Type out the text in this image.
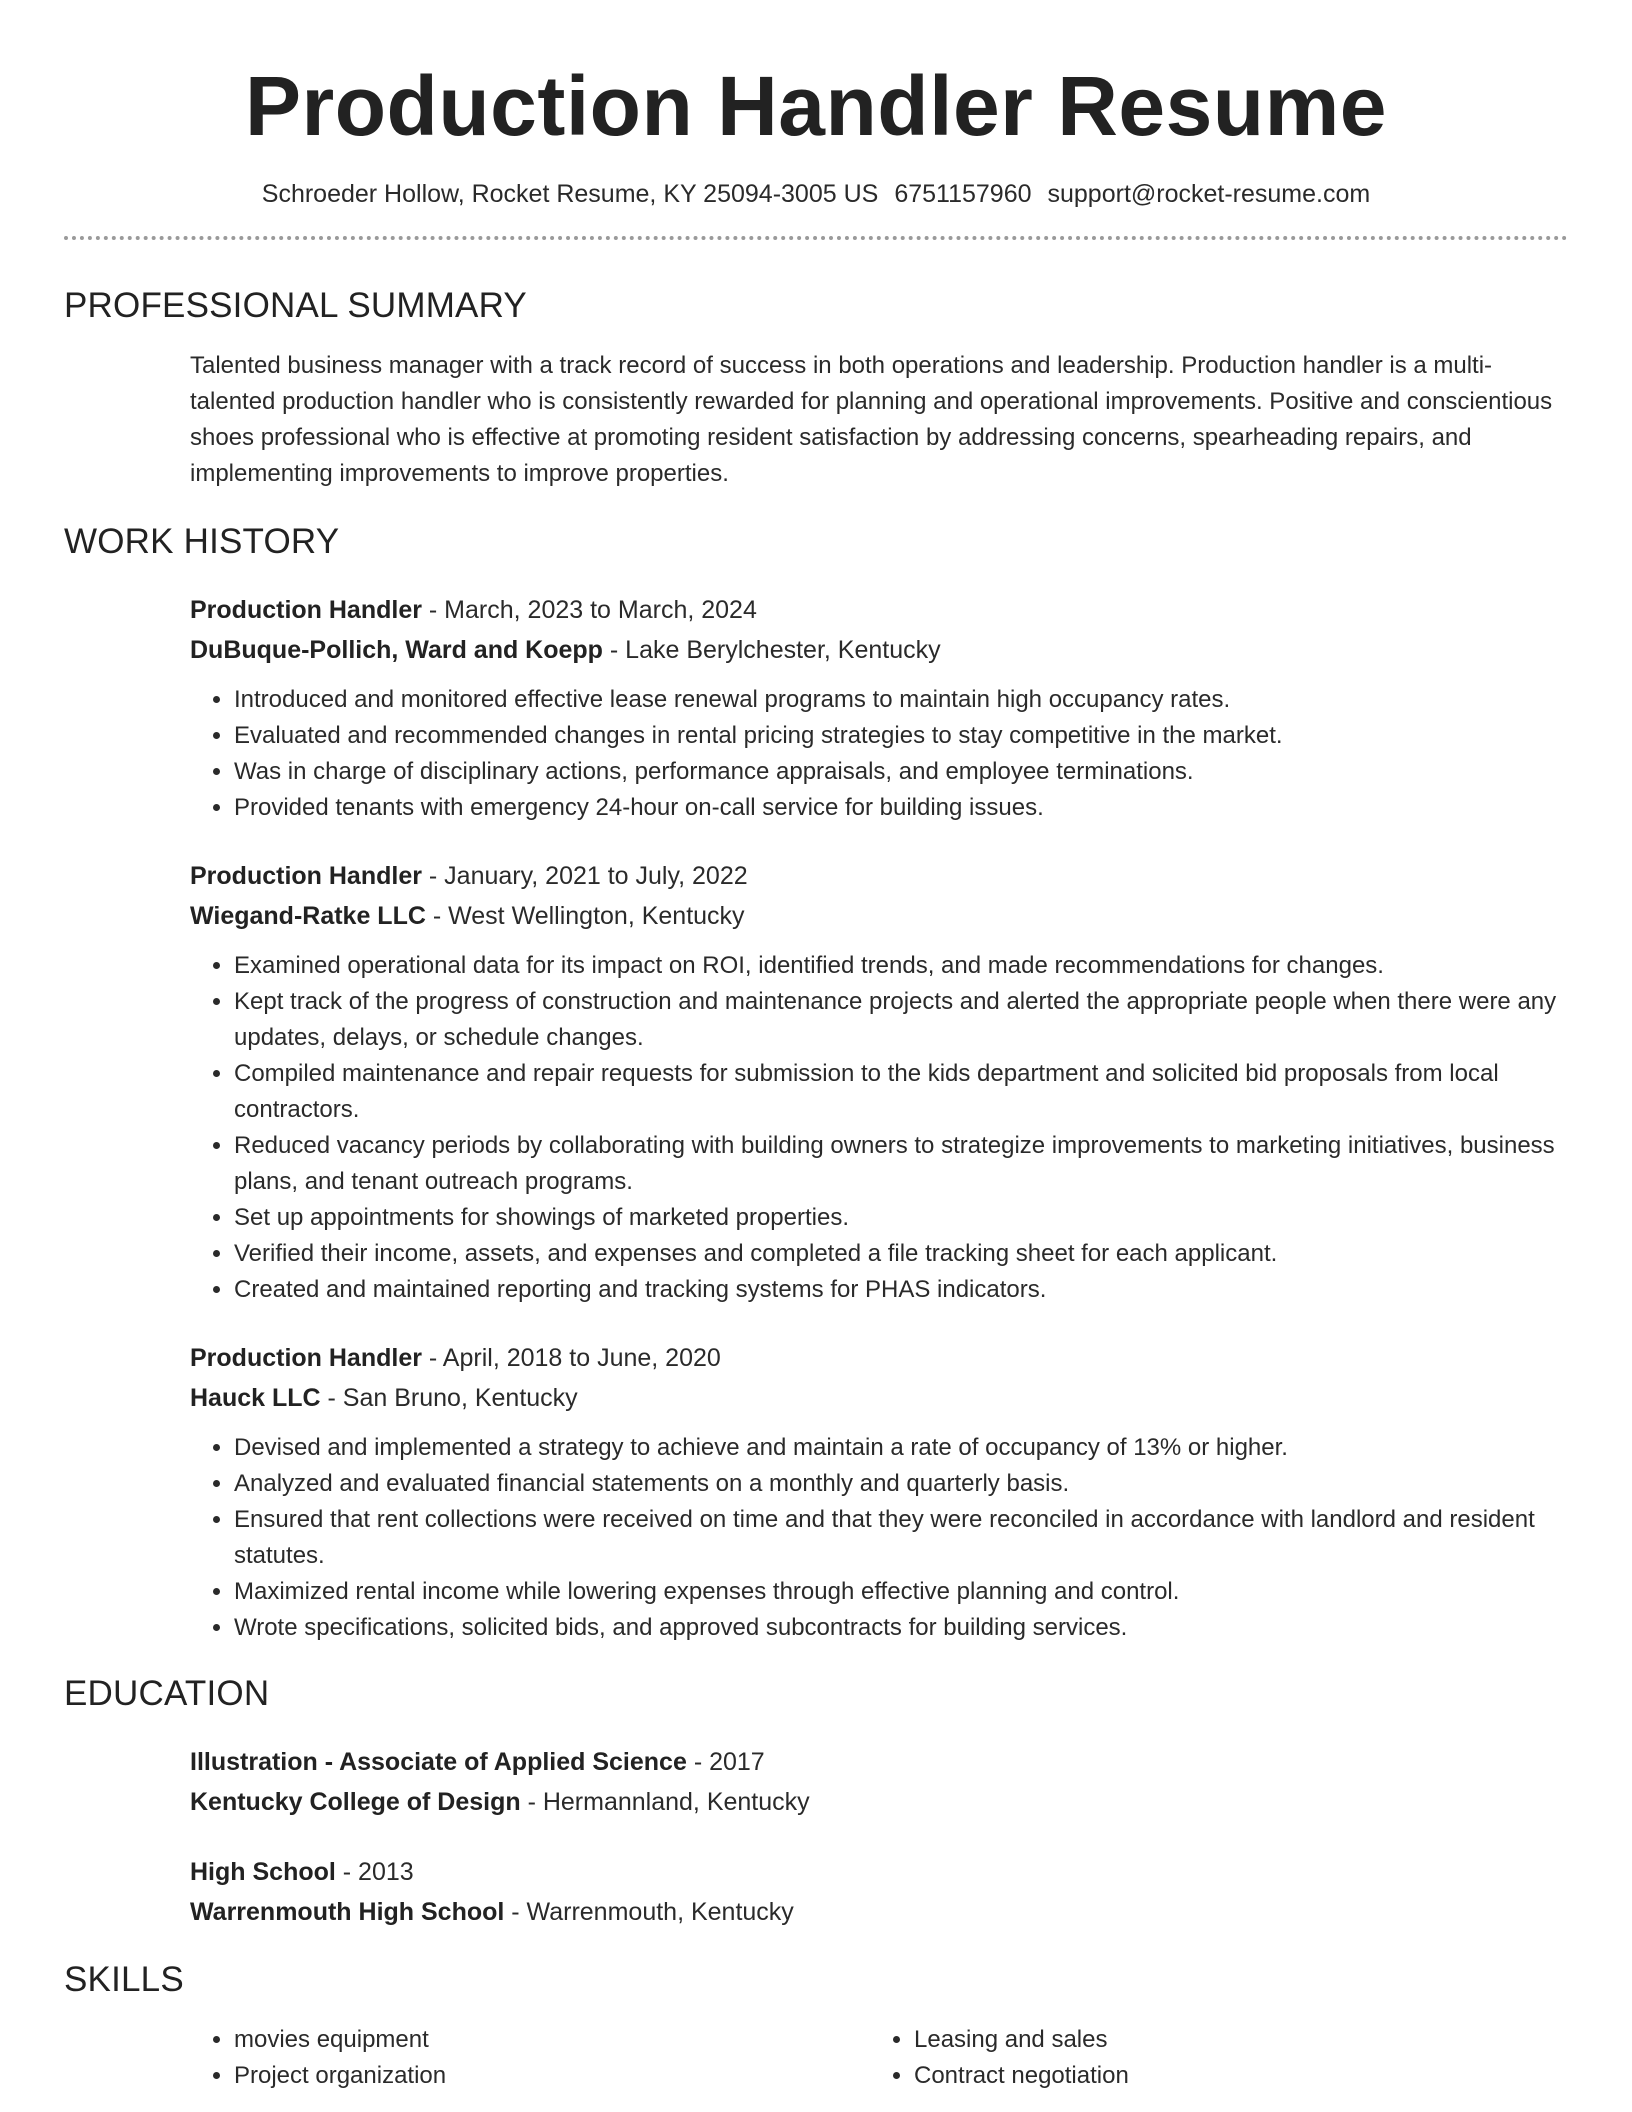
Production Handler Resume
Schroeder Hollow, Rocket Resume, KY 25094-3005 US 6751157960 support@rocket-resume.com
PROFESSIONAL SUMMARY
Talented business manager with a track record of success in both operations and leadership. Production handler is a multi-talented production handler who is consistently rewarded for planning and operational improvements. Positive and conscientious shoes professional who is effective at promoting resident satisfaction by addressing concerns, spearheading repairs, and implementing improvements to improve properties.
WORK HISTORY
Production Handler - March, 2023 to March, 2024
DuBuque-Pollich, Ward and Koepp - Lake Berylchester, Kentucky
• Introduced and monitored effective lease renewal programs to maintain high occupancy rates.
• Evaluated and recommended changes in rental pricing strategies to stay competitive in the market.
• Was in charge of disciplinary actions, performance appraisals, and employee terminations.
• Provided tenants with emergency 24-hour on-call service for building issues.
Production Handler - January, 2021 to July, 2022
Wiegand-Ratke LLC - West Wellington, Kentucky
• Examined operational data for its impact on ROI, identified trends, and made recommendations for changes.
• Kept track of the progress of construction and maintenance projects and alerted the appropriate people when there were any updates, delays, or schedule changes.
• Compiled maintenance and repair requests for submission to the kids department and solicited bid proposals from local contractors.
• Reduced vacancy periods by collaborating with building owners to strategize improvements to marketing initiatives, business plans, and tenant outreach programs.
• Set up appointments for showings of marketed properties.
• Verified their income, assets, and expenses and completed a file tracking sheet for each applicant.
• Created and maintained reporting and tracking systems for PHAS indicators.
Production Handler - April, 2018 to June, 2020
Hauck LLC - San Bruno, Kentucky
• Devised and implemented a strategy to achieve and maintain a rate of occupancy of 13% or higher.
• Analyzed and evaluated financial statements on a monthly and quarterly basis.
• Ensured that rent collections were received on time and that they were reconciled in accordance with landlord and resident statutes.
• Maximized rental income while lowering expenses through effective planning and control.
• Wrote specifications, solicited bids, and approved subcontracts for building services.
EDUCATION
Illustration - Associate of Applied Science - 2017
Kentucky College of Design - Hermannland, Kentucky
High School - 2013
Warrenmouth High School - Warrenmouth, Kentucky
SKILLS
• movies equipment
• Project organization
• Leasing and sales
• Contract negotiation
